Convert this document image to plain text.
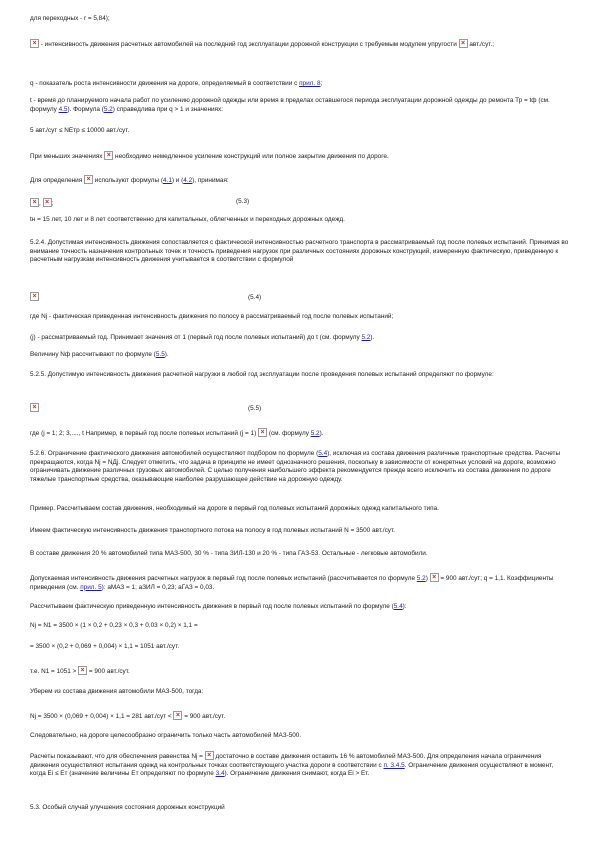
для переходных - r = 5,84);

× - интенсивность движения расчетных автомобилей на последний год эксплуатации дорожной конструкции с требуемым модулем упругости × авт./сут.;

q - показатель роста интенсивности движения на дороге, определяемый в соответствии с прил. 8;

t - время до планируемого начала работ по усилению дорожной одежды или время в пределах оставшегося периода эксплуатации дорожной одежды до ремонта Тр = tф (см. формулу 4.5). Формула (5.2) справедлива при q > 1 и значениях:

5 авт./сут ≤ NEтр ≤ 10000 авт./сут.

При меньших значениях × необходимо немедленное усиление конструкций или полное закрытие движения по дороге.

Для определения × используют формулы (4.1) и (4.2), принимая:

×, ×;	(5.3)

tн = 15 лет, 10 лет и 8 лет соответственно для капитальных, облегченных и переходных дорожных одежд.

5.2.4. Допустимая интенсивность движения сопоставляется с фактической интенсивностью расчетного транспорта в рассматриваемый год после полевых испытаний. Принимая во внимание точность назначения контрольных точек и точность приведения нагрузок при различных состояниях дорожных конструкций, измеренную фактическую, приведенную к расчетным нагрузкам интенсивность движения учитывается в соответствии с формулой

×
(5.4)

где Nj - фактическая приведенная интенсивность движения по полосу в рассматриваемый год после полевых испытаний;

(j) - рассматриваемый год. Принимает значения от 1 (первый год после полевых испытаний) до t (см. формулу 5.2).

Величину Nф рассчитывают по формуле (5.5).

5.2.5. Допустимую интенсивность движения расчетной нагрузки в любой год эксплуатации после проведения полевых испытаний определяют по формуле:

×
(5.5)

где (j = 1; 2; 3,...., t Например, в первый год после полевых испытаний (j = 1) × (см. формулу 5.2).

5.2.6. Ограничение фактического движения автомобилей осуществляют подбором по формуле (5.4), исключая из состава движения различные транспортные средства. Расчеты прекращаются, когда Nj = NДj. Следует отметить, что задача в принципе не имеет однозначного решения, поскольку в зависимости от конкретных условий на дороге, возможно ограничивать движение различных грузовых автомобилей. С целью получения наибольшего эффекта рекомендуется прежде всего исключить из состава движения по дороге тяжелые транспортные средства, оказывающие наиболее разрушающее действие на дорожную одежду.

Пример. Рассчитываем состав движения, необходимый на дороге в первый год полевых испытаний дорожных одежд капитального типа.

Имеем фактическую интенсивность движения транспортного потока на полосу в год полевых испытаний N = 3500 авт./сут.

В составе движения 20 % автомобилей типа МАЗ-500, 30 % - типа ЗИЛ-130 и 20 % - типа ГАЗ-53. Остальные - легковые автомобили.

Допускаемая интенсивность движения расчетных нагрузок в первый год после полевых испытаний (рассчитывается по формуле 5.2) × = 900 авт./сут; q = 1,1. Коэффициенты приведения (см. прил. 5): aМАЗ = 1; aЗИЛ = 0,23; aГАЗ = 0,03.

Рассчитываем фактическую приведенную интенсивность движения в первый год после полевых испытаний по формуле (5.4):

Nj = N1 = 3500 × (1 × 0,2 + 0,23 × 0,3 + 0,03 × 0,2) × 1,1 =

= 3500 × (0,2 + 0,069 + 0,004) × 1,1 = 1051 авт./сут.

т.е. N1 = 1051 > × = 900 авт./сут.

Уберем из состава движения автомобили МАЗ-500, тогда:

Nj = 3500 × (0,069 + 0,004) × 1,1 = 281 авт./сут < × = 900 авт./сут.

Следовательно, на дороге целесообразно ограничить только часть автомобилей МАЗ-500.

Расчеты показывают, что для обеспечения равенства Nj = × достаточно в составе движения оставить 16 % автомобилей МАЗ-500. Для определения начала ограничения движения осуществляют испытания одежд на контрольных точках соответствующего участка дороги в соответствии с п. 3.4.5. Ограничение движения осуществляют в момент, когда Ei ≤ Eт (значение величины Eт определяют по формуле 3.4). Ограничение движения снимают, когда Ei > Eт.

5.3. Особый случай улучшения состояния дорожных конструкций
